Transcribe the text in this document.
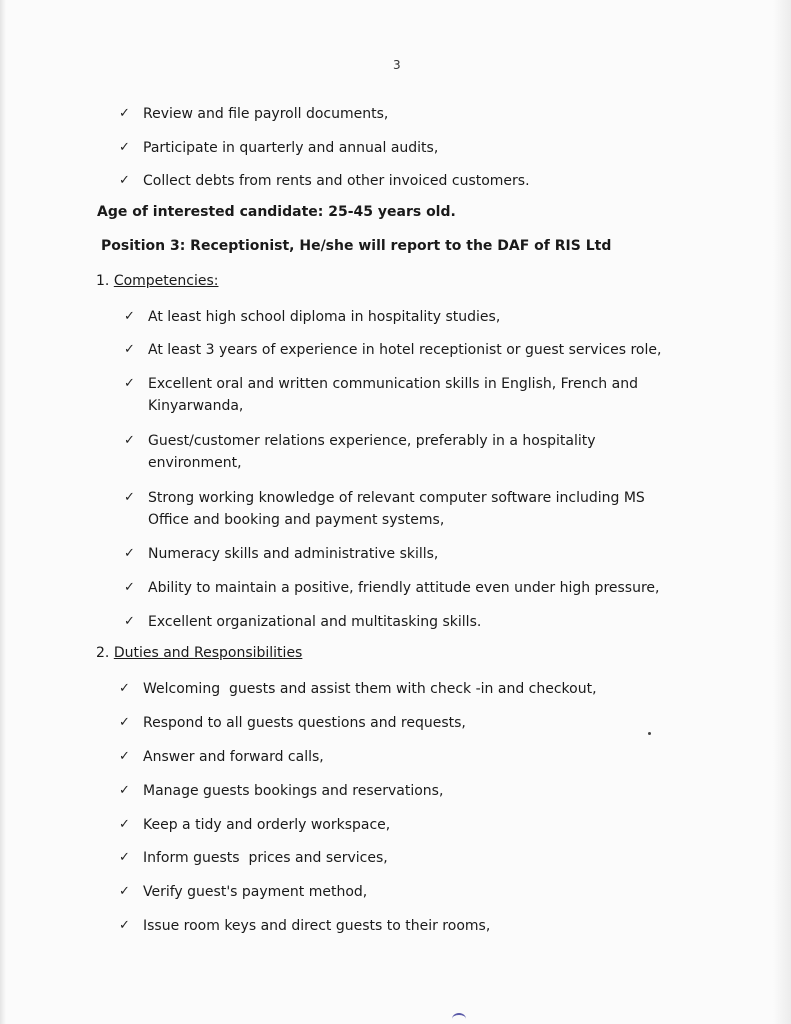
3
✓ Review and file payroll documents,
✓ Participate in quarterly and annual audits,
✓ Collect debts from rents and other invoiced customers.
Age of interested candidate: 25-45 years old.
Position 3: Receptionist, He/she will report to the DAF of RIS Ltd
1. Competencies:
✓ At least high school diploma in hospitality studies,
✓ At least 3 years of experience in hotel receptionist or guest services role,
✓ Excellent oral and written communication skills in English, French and
Kinyarwanda,
✓ Guest/customer relations experience, preferably in a hospitality
environment,
✓ Strong working knowledge of relevant computer software including MS
Office and booking and payment systems,
✓ Numeracy skills and administrative skills,
✓ Ability to maintain a positive, friendly attitude even under high pressure,
✓ Excellent organizational and multitasking skills.
2. Duties and Responsibilities
✓ Welcoming  guests and assist them with check -in and checkout,
✓ Respond to all guests questions and requests,
✓ Answer and forward calls,
✓ Manage guests bookings and reservations,
✓ Keep a tidy and orderly workspace,
✓ Inform guests  prices and services,
✓ Verify guest's payment method,
✓ Issue room keys and direct guests to their rooms,
